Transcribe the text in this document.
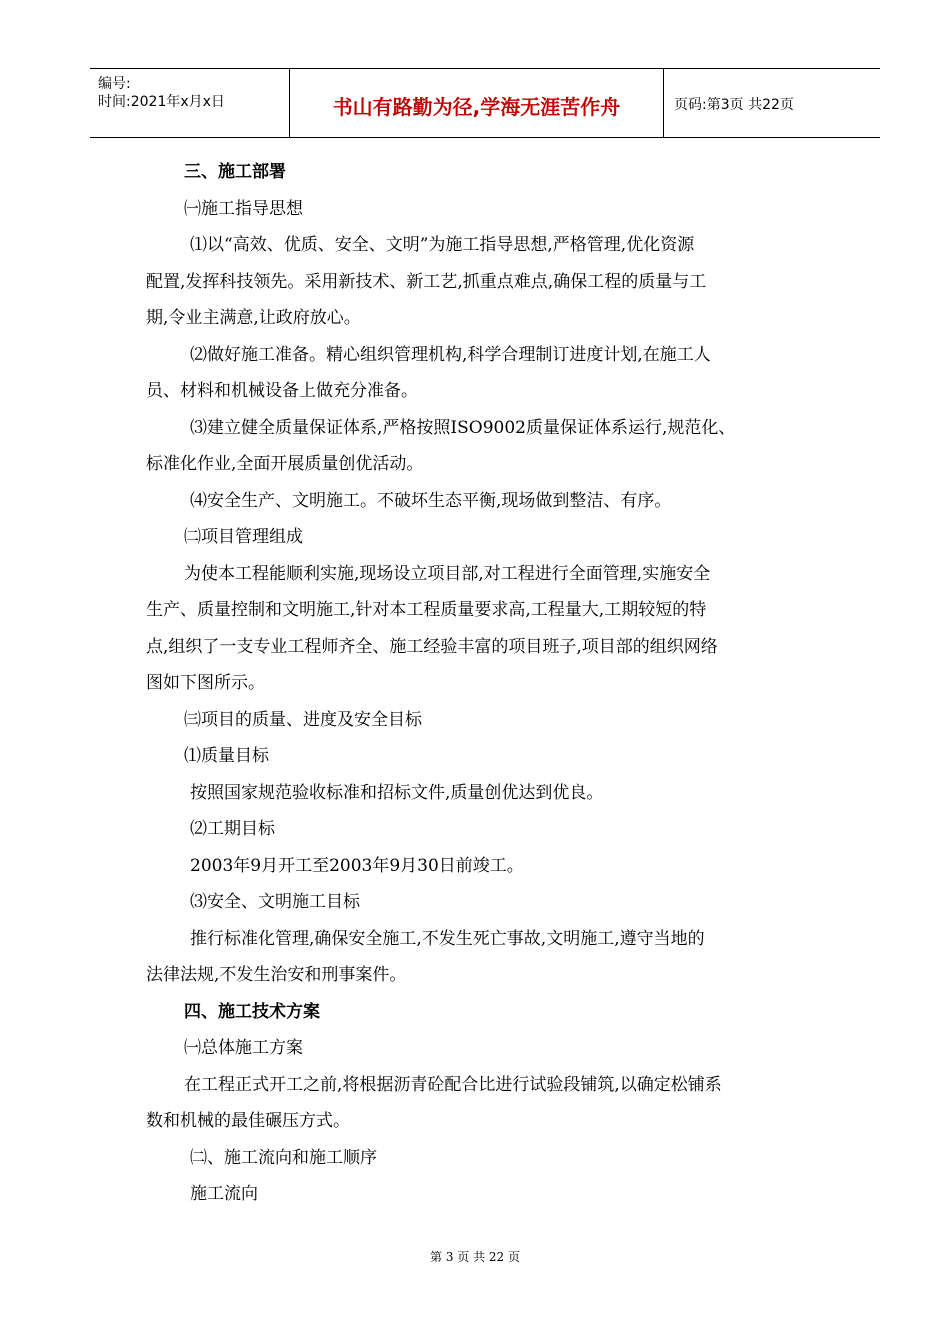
编号:
时间:2021年x月x日	书山有路勤为径,学海无涯苦作舟	页码:第3页 共22页

三、施工部署

㈠施工指导思想

⑴以“高效、优质、安全、文明”为施工指导思想,严格管理,优化资源

配置,发挥科技领先。采用新技术、新工艺,抓重点难点,确保工程的质量与工

期,令业主满意,让政府放心。

⑵做好施工准备。精心组织管理机构,科学合理制订进度计划,在施工人

员、材料和机械设备上做充分准备。

⑶建立健全质量保证体系,严格按照ISO9002质量保证体系运行,规范化、

标准化作业,全面开展质量创优活动。

⑷安全生产、文明施工。不破坏生态平衡,现场做到整洁、有序。

㈡项目管理组成

为使本工程能顺利实施,现场设立项目部,对工程进行全面管理,实施安全

生产、质量控制和文明施工,针对本工程质量要求高,工程量大,工期较短的特

点,组织了一支专业工程师齐全、施工经验丰富的项目班子,项目部的组织网络

图如下图所示。

㈢项目的质量、进度及安全目标

⑴质量目标

按照国家规范验收标准和招标文件,质量创优达到优良。

⑵工期目标

2003年9月开工至2003年9月30日前竣工。

⑶安全、文明施工目标

推行标准化管理,确保安全施工,不发生死亡事故,文明施工,遵守当地的

法律法规,不发生治安和刑事案件。

四、施工技术方案

㈠总体施工方案

在工程正式开工之前,将根据沥青砼配合比进行试验段铺筑,以确定松铺系

数和机械的最佳碾压方式。

㈡、施工流向和施工顺序

施工流向

第 3 页 共 22 页
